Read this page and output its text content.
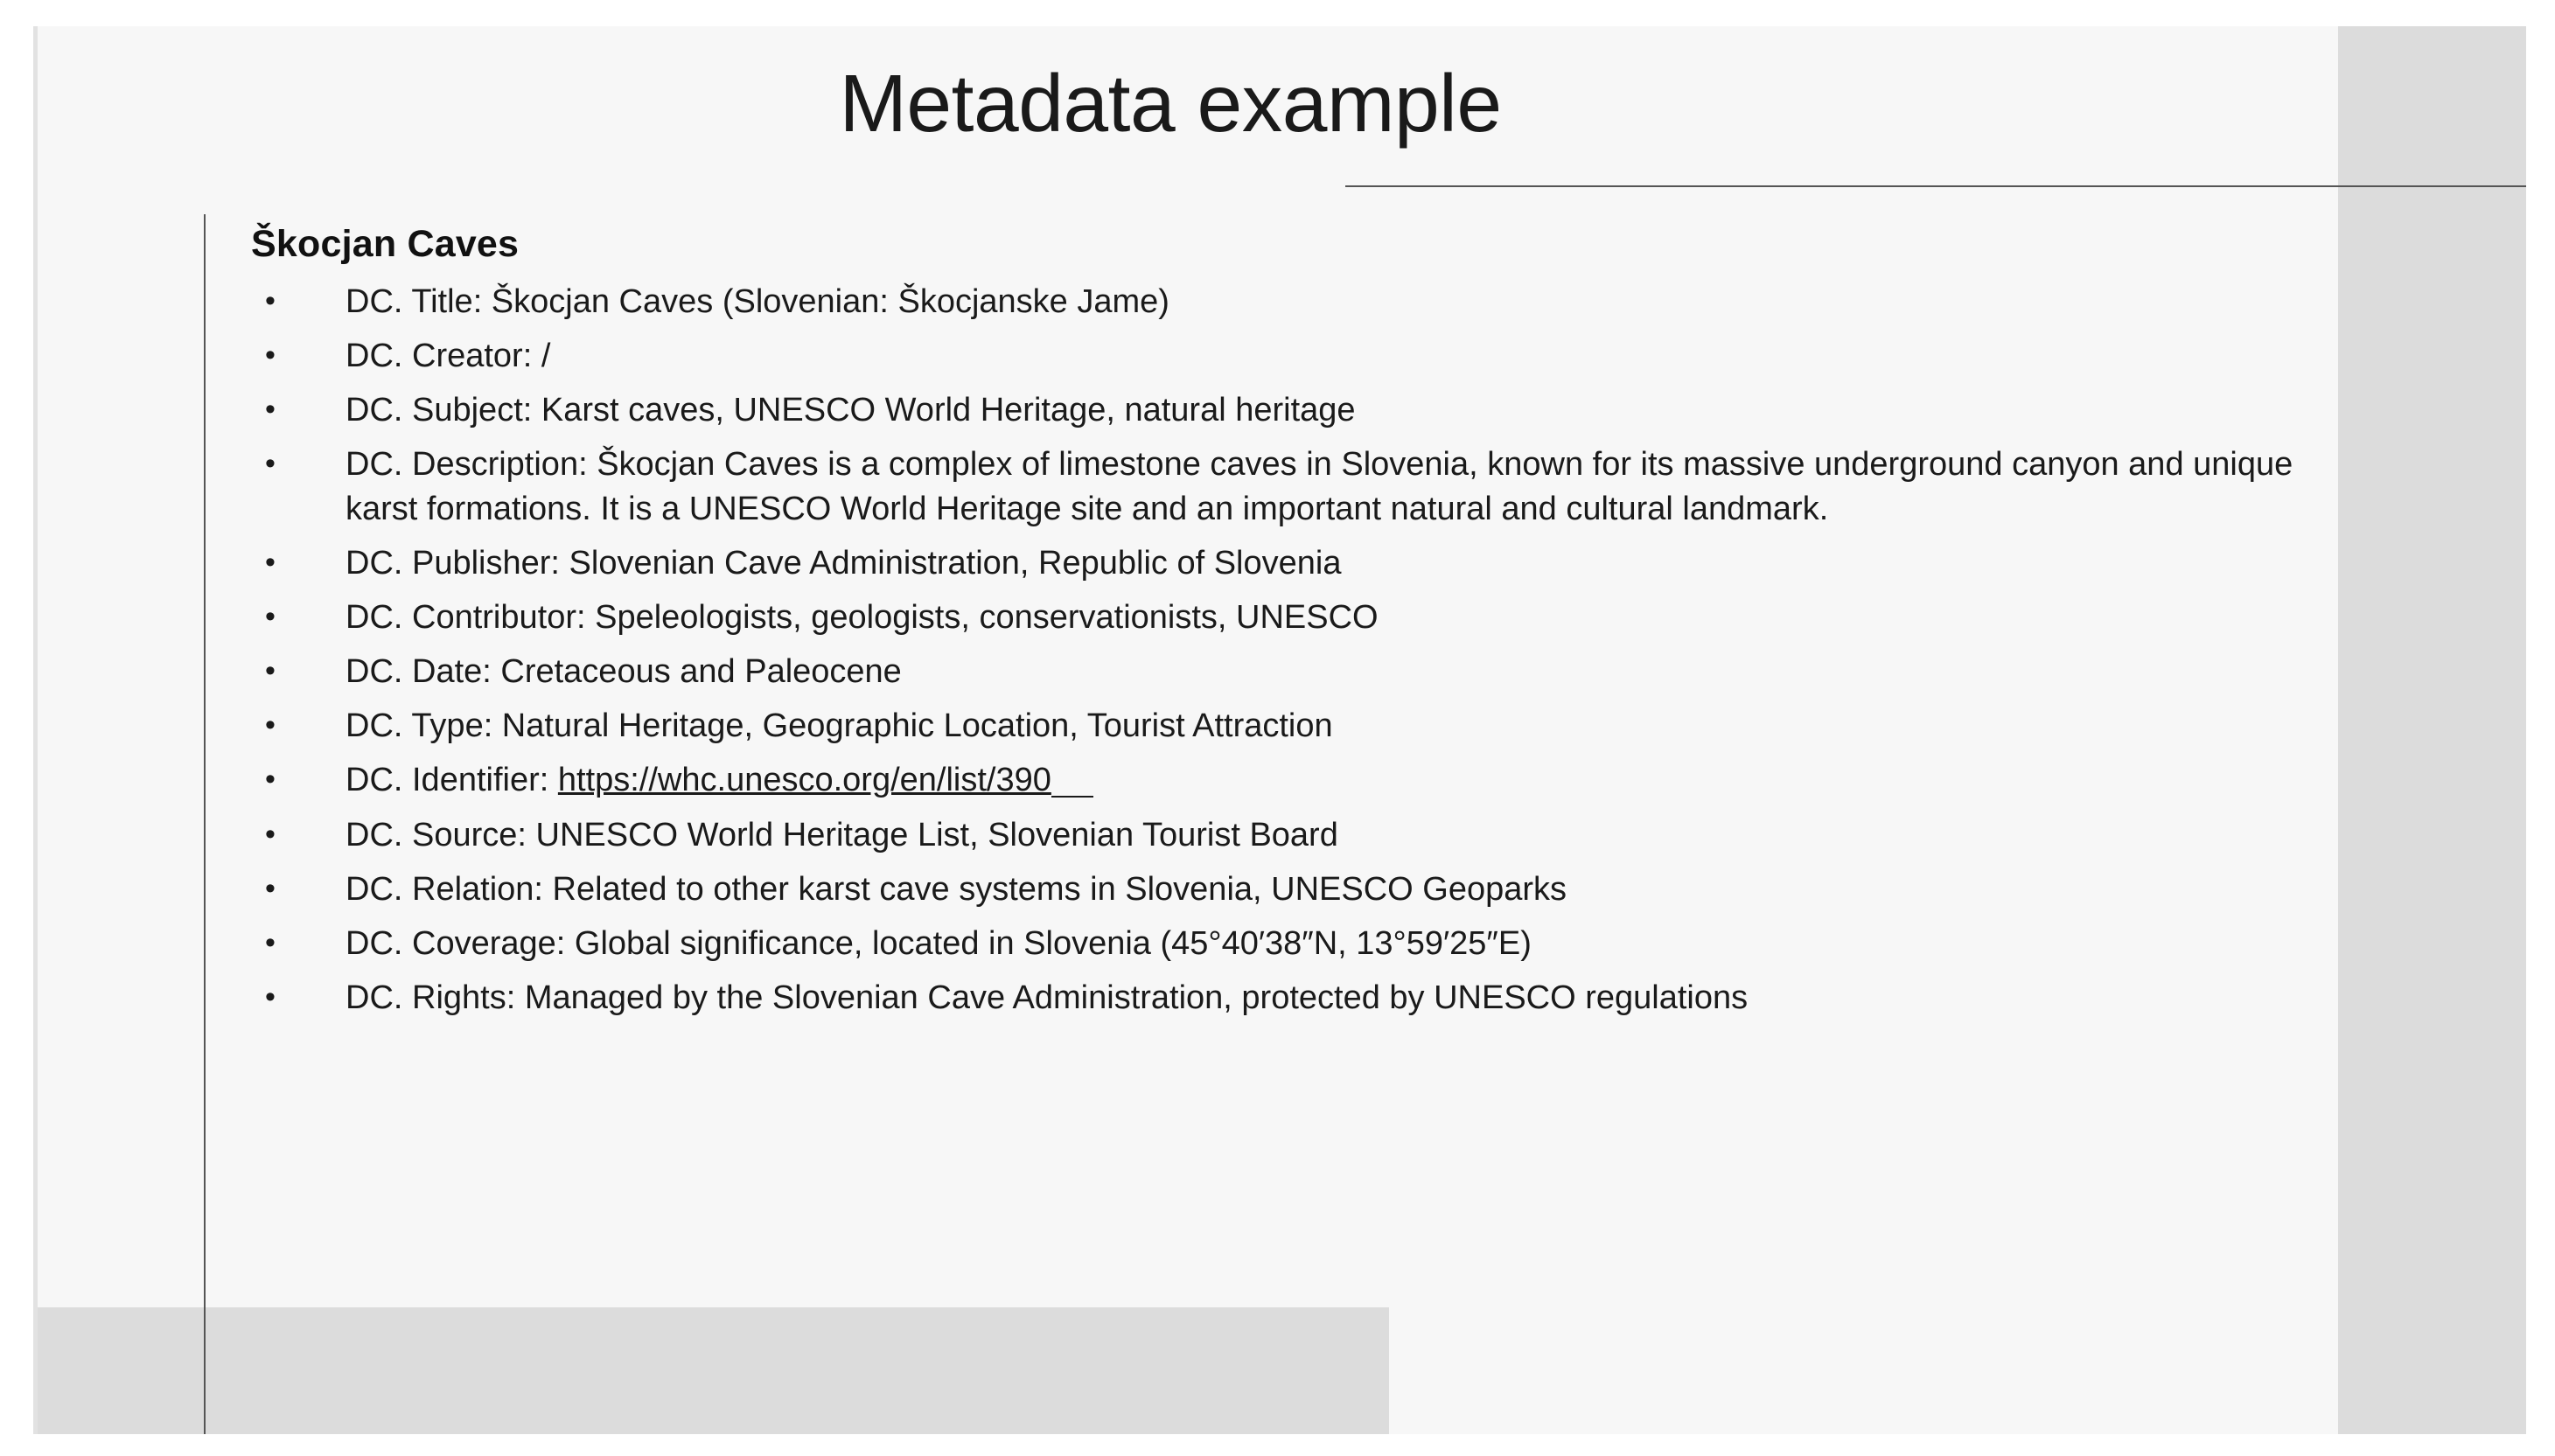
Metadata example
Škocjan Caves
• DC. Title: Škocjan Caves (Slovenian: Škocjanske Jame)
• DC. Creator: /
• DC. Subject: Karst caves, UNESCO World Heritage, natural heritage
• DC. Description: Škocjan Caves is a complex of limestone caves in Slovenia, known for its massive underground canyon and unique karst formations. It is a UNESCO World Heritage site and an important natural and cultural landmark.
• DC. Publisher: Slovenian Cave Administration, Republic of Slovenia
• DC. Contributor: Speleologists, geologists, conservationists, UNESCO
• DC. Date: Cretaceous and Paleocene
• DC. Type: Natural Heritage, Geographic Location, Tourist Attraction
• DC. Identifier: https://whc.unesco.org/en/list/390
• DC. Source: UNESCO World Heritage List, Slovenian Tourist Board
• DC. Relation: Related to other karst cave systems in Slovenia, UNESCO Geoparks
• DC. Coverage: Global significance, located in Slovenia (45°40′38″N, 13°59′25″E)
• DC. Rights: Managed by the Slovenian Cave Administration, protected by UNESCO regulations
